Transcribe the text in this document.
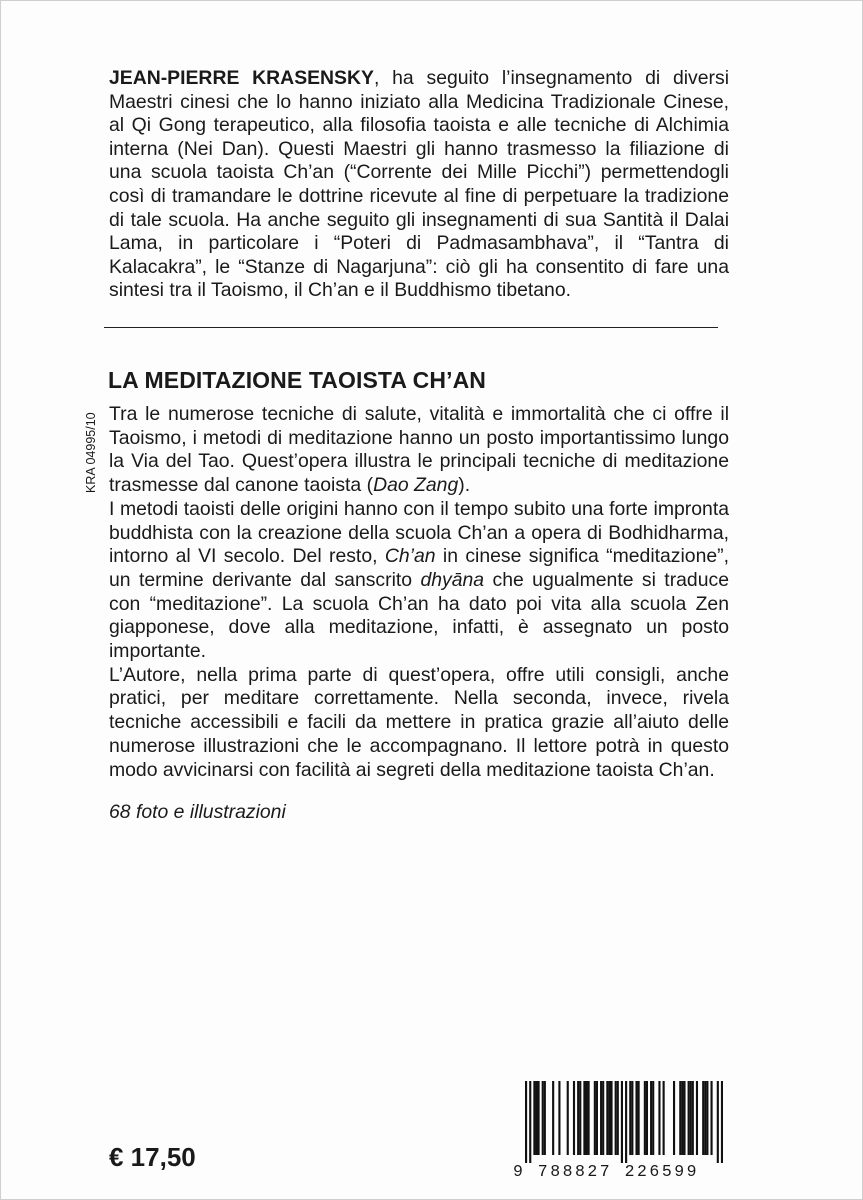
JEAN-PIERRE KRASENSKY, ha seguito l’insegnamento di diversi Maestri cinesi che lo hanno iniziato alla Medicina Tradizionale Cinese, al Qi Gong terapeutico, alla filosofia taoista e alle tecniche di Alchimia interna (Nei Dan). Questi Maestri gli hanno trasmesso la filiazione di una scuola taoista Ch’an (“Corrente dei Mille Picchi”) permettendogli così di tramandare le dottrine ricevute al fine di perpetuare la tradizione di tale scuola. Ha anche seguito gli insegnamenti di sua Santità il Dalai Lama, in particolare i “Poteri di Padmasambhava”, il “Tantra di Kalacakra”, le “Stanze di Nagarjuna”: ciò gli ha consentito di fare una sintesi tra il Taoismo, il Ch’an e il Buddhismo tibetano.
LA MEDITAZIONE TAOISTA CH’AN
KRA 04995/10 Tra le numerose tecniche di salute, vitalità e immortalità che ci offre il Taoismo, i metodi di meditazione hanno un posto importantissimo lungo la Via del Tao. Quest’opera illustra le principali tecniche di meditazione trasmesse dal canone taoista (Dao Zang).

I metodi taoisti delle origini hanno con il tempo subito una forte impronta buddhista con la creazione della scuola Ch’an a opera di Bodhidharma, intorno al VI secolo. Del resto, Ch’an in cinese significa “meditazione”, un termine derivante dal sanscrito dhyāna che ugualmente si traduce con “meditazione”. La scuola Ch’an ha dato poi vita alla scuola Zen giapponese, dove alla meditazione, infatti, è assegnato un posto importante.

L’Autore, nella prima parte di quest’opera, offre utili consigli, anche pratici, per meditare correttamente. Nella seconda, invece, rivela tecniche accessibili e facili da mettere in pratica grazie all’aiuto delle numerose illustrazioni che le accompagnano. Il lettore potrà in questo modo avvicinarsi con facilità ai segreti della meditazione taoista Ch’an.

68 foto e illustrazioni
€ 17,50	9 788827 226599
